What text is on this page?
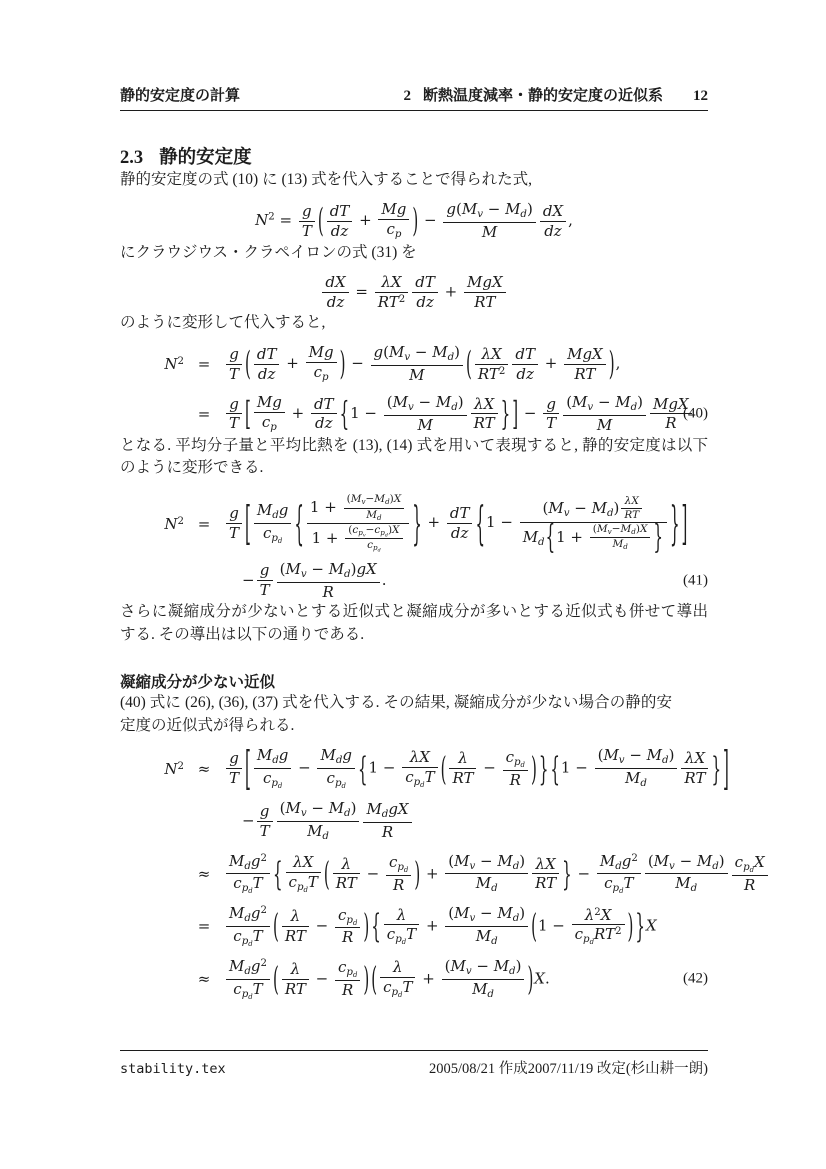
静的安定度の計算	2 断熱温度減率・静的安定度の近似系 12
2.3 静的安定度

静的安定度の式 (10) に (13) 式を代入することで得られた式,

$N^2 = \frac{g}{T}$ ( $\frac{dT}{dz} + \frac{Mg}{c_p}$ ) − $\frac{g(M_v - M_d)}{M} \frac{dX}{dz}$ ,

にクラウジウス・クラペイロンの式 (31) を

$\frac{dX}{dz} = \frac{\lambda X}{RT^2} \frac{dT}{dz} + \frac{\text{MgX}}{RT}$

のように変形して代入すると,

$N^2$ =	$\frac{g}{T}$ ( $\frac{dT}{dz} + \frac{Mg}{c_p}$ ) − $\frac{g(M_v - M_d)}{M}$ ( $\frac{\lambda X}{RT^2} \frac{dT}{dz} + \frac{\text{MgX}}{RT}$ ),
=	$\frac{g}{T}$ [ $\frac{Mg}{c_p} + \frac{dT}{dz} \{1 - \frac{(M_v - M_d)}{M} \frac{\lambda X}{RT}$ } ] − $\frac{g}{T} \frac{(M_v - M_d)}{M} \frac{\text{MgX}}{R}$
(40)

となる. 平均分子量と平均比熱を (13), (14) 式を用いて表現すると, 静的安定度は以下のように変形できる.

$N^2$ =	$\frac{g}{T}$ [ $\frac{M_dg}{c_{p_d}}$ { $\frac{1 + \frac{(M_v-M_d)X}{M_d}}{1 + \frac{(c_{p_v}-c_{p_d})X}{c_{p_d}}}$ } + $\frac{dT}{dz} \{1 - \frac{(M_v - M_d) \frac{\lambda X}{RT}}{M_d\{1 + \frac{(M_v-M_d)X}{M_d} \}}$ } ]
− $\frac{g}{T} \frac{(M_v - M_d)gX}{R}$ .	(41)

さらに凝縮成分が少ないとする近似式と凝縮成分が多いとする近似式も併せて導出する. その導出は以下の通りである.

凝縮成分が少ない近似

(40) 式に (26), (36), (37) 式を代入する. その結果, 凝縮成分が少ない場合の静的安定度の近似式が得られる.

$N^2$ ≈	$\frac{g}{T}$ [ $\frac{M_dg}{c_{p_d}} - \frac{M_dg}{c_{p_d}} \{1 - \frac{\lambda X}{c_{p_d}T}$ ( $\frac{\lambda}{RT} - \frac{c_{p_d}}{R}$ ) } {$1 - \frac{(M_v - M_d)}{M_d} \frac{\lambda X}{RT}$ } ]
− $\frac{g}{T} \frac{(M_v - M_d)}{M_d} \frac{M_dgX}{R}$
≈	$\frac{M_dg^2}{c_{p_d}T}$ { $\frac{\lambda X}{c_{p_d}T}$ ( $\frac{\lambda}{RT} - \frac{c_{p_d}}{R}$ ) + $\frac{(M_v - M_d)}{M_d} \frac{\lambda X}{RT}$ } − $\frac{M_dg^2}{c_{p_d}T} \frac{(M_v - M_d)}{M_d} \frac{c_{p_d}X}{R}$
=	$\frac{M_dg^2}{c_{p_d}T}$ ( $\frac{\lambda}{RT} - \frac{c_{p_d}}{R}$ ) { $\frac{\lambda}{c_{p_d}T} + \frac{(M_v - M_d)}{M_d} (1 - \frac{\lambda^2X}{c_{p_d}RT^2}$ ) }X
≈	$\frac{M_dg^2}{c_{p_d}T}$ ( $\frac{\lambda}{RT} - \frac{c_{p_d}}{R}$ ) ( $\frac{\lambda}{c_{p_d}T} + \frac{(M_v - M_d)}{M_d} )X$.	(42)
stability.tex	2005/08/21 作成2007/11/19 改定(杉山耕一朗)
